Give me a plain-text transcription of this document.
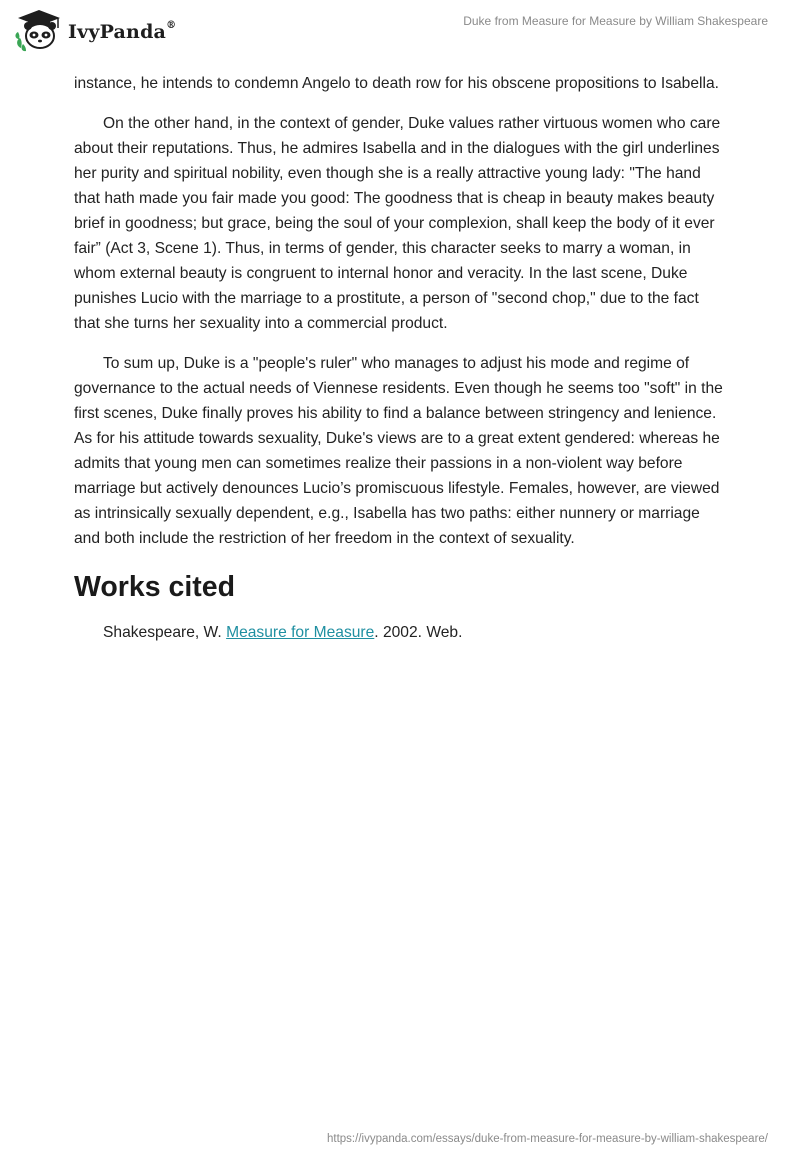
IvyPanda®	Duke from Measure for Measure by William Shakespeare

instance, he intends to condemn Angelo to death row for his obscene propositions to Isabella.

On the other hand, in the context of gender, Duke values rather virtuous women who care about their reputations. Thus, he admires Isabella and in the dialogues with the girl underlines her purity and spiritual nobility, even though she is a really attractive young lady: "The hand that hath made you fair made you good: The goodness that is cheap in beauty makes beauty brief in goodness; but grace, being the soul of your complexion, shall keep the body of it ever fair” (Act 3, Scene 1). Thus, in terms of gender, this character seeks to marry a woman, in whom external beauty is congruent to internal honor and veracity. In the last scene, Duke punishes Lucio with the marriage to a prostitute, a person of "second chop," due to the fact that she turns her sexuality into a commercial product.

To sum up, Duke is a "people's ruler" who manages to adjust his mode and regime of governance to the actual needs of Viennese residents. Even though he seems too "soft" in the first scenes, Duke finally proves his ability to find a balance between stringency and lenience. As for his attitude towards sexuality, Duke's views are to a great extent gendered: whereas he admits that young men can sometimes realize their passions in a non-violent way before marriage but actively denounces Lucio’s promiscuous lifestyle. Females, however, are viewed as intrinsically sexually dependent, e.g., Isabella has two paths: either nunnery or marriage and both include the restriction of her freedom in the context of sexuality.

Works cited

Shakespeare, W. Measure for Measure. 2002. Web.

https://ivypanda.com/essays/duke-from-measure-for-measure-by-william-shakespeare/
